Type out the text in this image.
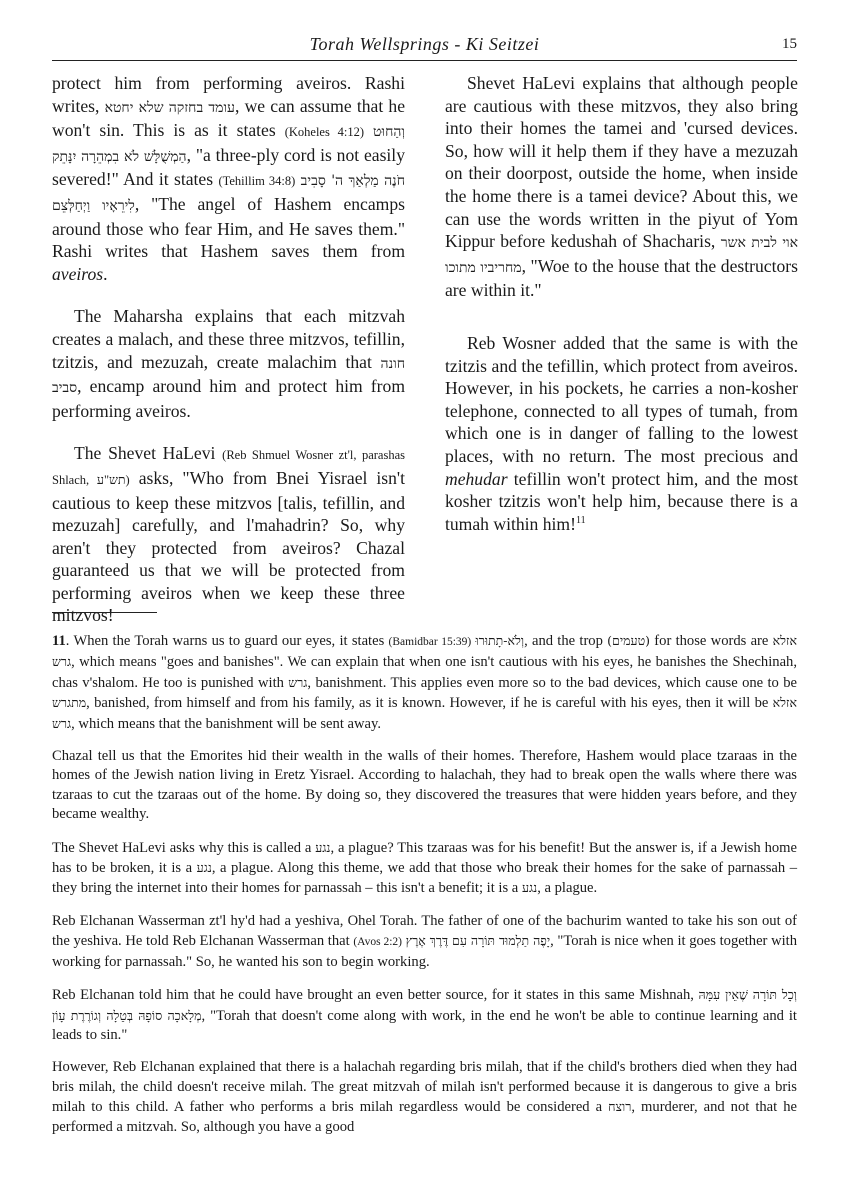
Torah Wellsprings - Ki Seitzei	15

protect him from performing aveiros. Rashi writes, עומד בחזקה שלא יחטא, we can assume that he won't sin. This is as it states (Koheles 4:12) וְהַחוּט הַמְשֻׁלָּשׁ לֹא בִמְהֵרָה יִנָּתֵק, "a three-ply cord is not easily severed!" And it states (Tehillim 34:8) חֹנֶה מַלְאַךְ ה' סָבִיב לִירֵאָיו וַיְחַלְּצֵם, "The angel of Hashem encamps around those who fear Him, and He saves them." Rashi writes that Hashem saves them from aveiros.

The Maharsha explains that each mitzvah creates a malach, and these three mitzvos, tefillin, tzitzis, and mezuzah, create malachim that חונה סביב, encamp around him and protect him from performing aveiros.

The Shevet HaLevi (Reb Shmuel Wosner zt'l, parashas Shlach, תש"ע) asks, "Who from Bnei Yisrael isn't cautious to keep these mitzvos [talis, tefillin, and mezuzah] carefully, and l'mahadrin? So, why aren't they protected from aveiros? Chazal guaranteed us that we will be protected from performing aveiros when we keep these three mitzvos!

Shevet HaLevi explains that although people are cautious with these mitzvos, they also bring into their homes the tamei and 'cursed devices. So, how will it help them if they have a mezuzah on their doorpost, outside the home, when inside the home there is a tamei device? About this, we can use the words written in the piyut of Yom Kippur before kedushah of Shacharis, אוי לבית אשר מחריביו מתוכו, "Woe to the house that the destructors are within it."

Reb Wosner added that the same is with the tzitzis and the tefillin, which protect from aveiros. However, in his pockets, he carries a non-kosher telephone, connected to all types of tumah, from which one is in danger of falling to the lowest places, with no return. The most precious and mehudar tefillin won't protect him, and the most kosher tzitzis won't help him, because there is a tumah within him!$^{11}$

11. When the Torah warns us to guard our eyes, it states (Bamidbar 15:39) וְלֹא-תָתוּרוּ, and the trop (טעמים) for those words are אזלא גרש, which means "goes and banishes". We can explain that when one isn't cautious with his eyes, he banishes the Shechinah, chas v'shalom. He too is punished with גרש, banishment. This applies even more so to the bad devices, which cause one to be מתגרש, banished, from himself and from his family, as it is known. However, if he is careful with his eyes, then it will be אזלא גרש, which means that the banishment will be sent away.

Chazal tell us that the Emorites hid their wealth in the walls of their homes. Therefore, Hashem would place tzaraas in the homes of the Jewish nation living in Eretz Yisrael. According to halachah, they had to break open the walls where there was tzaraas to cut the tzaraas out of the home. By doing so, they discovered the treasures that were hidden years before, and they became wealthy.

The Shevet HaLevi asks why this is called a נגע, a plague? This tzaraas was for his benefit! But the answer is, if a Jewish home has to be broken, it is a נגע, a plague. Along this theme, we add that those who break their homes for the sake of parnassah – they bring the internet into their homes for parnassah – this isn't a benefit; it is a נגע, a plague.

Reb Elchanan Wasserman zt'l hy'd had a yeshiva, Ohel Torah. The father of one of the bachurim wanted to take his son out of the yeshiva. He told Reb Elchanan Wasserman that (Avos 2:2) יָפֶה תַלְמוּד תּוֹרָה עִם דֶּרֶךְ אֶרֶץ, "Torah is nice when it goes together with working for parnassah." So, he wanted his son to begin working.

Reb Elchanan told him that he could have brought an even better source, for it states in this same Mishnah, וְכָל תּוֹרָה שֶׁאֵין עִמָּהּ מְלָאכָה סוֹפָהּ בְּטֵלָה וְגוֹרֶרֶת עָוֹן, "Torah that doesn't come along with work, in the end he won't be able to continue learning and it leads to sin."

However, Reb Elchanan explained that there is a halachah regarding bris milah, that if the child's brothers died when they had bris milah, the child doesn't receive milah. The great mitzvah of milah isn't performed because it is dangerous to give a bris milah to this child. A father who performs a bris milah regardless would be considered a רוצח, murderer, and not that he performed a mitzvah. So, although you have a good
